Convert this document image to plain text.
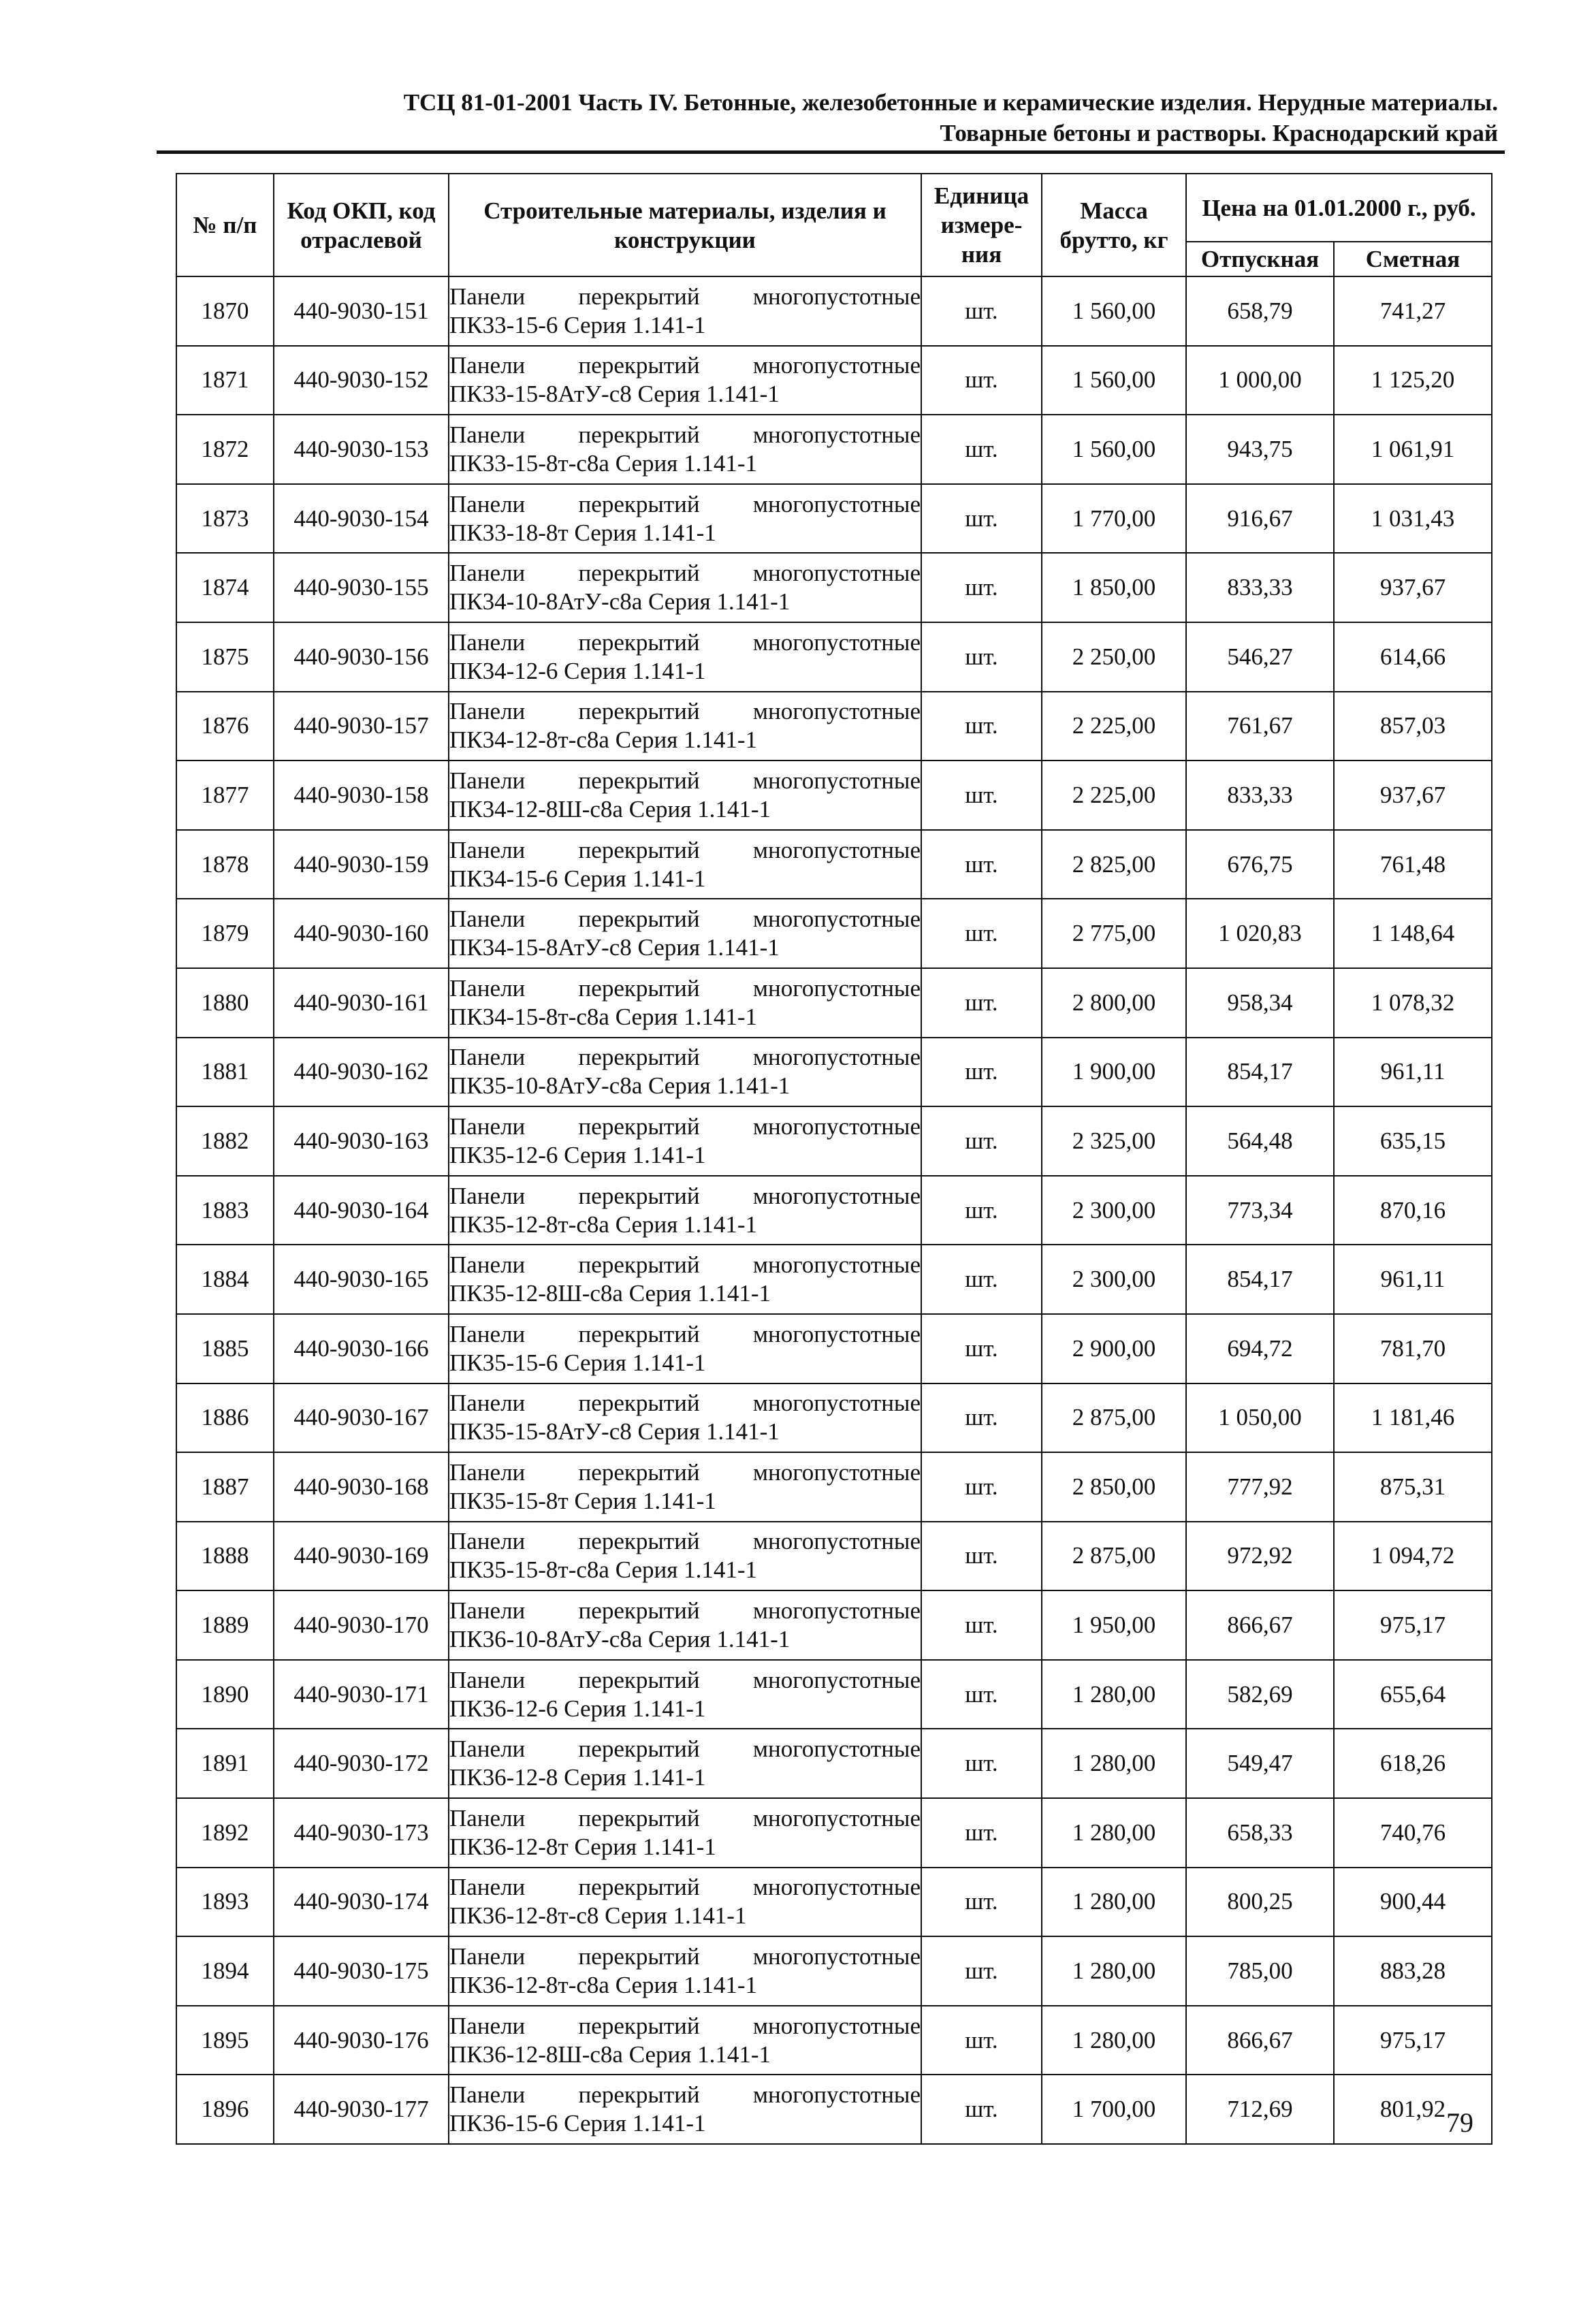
ТСЦ 81-01-2001 Часть IV. Бетонные, железобетонные и керамические изделия. Нерудные материалы.
Товарные бетоны и растворы. Краснодарский край
№ п/п	Код ОКП, код отраслевой	Строительные материалы, изделия и конструкции	Единица измере-ния	Масса брутто, кг	Цена на 01.01.2000 г., руб.	
					Отпускная	Сметная
1870	440-9030-151	Панели перекрытий многопустотные
ПК33-15-6 Серия 1.141-1	шт.	1 560,00	658,79	741,27
1871	440-9030-152	Панели перекрытий многопустотные
ПК33-15-8АтУ-с8 Серия 1.141-1	шт.	1 560,00	1 000,00	1 125,20
1872	440-9030-153	Панели перекрытий многопустотные
ПК33-15-8т-с8а Серия 1.141-1	шт.	1 560,00	943,75	1 061,91
1873	440-9030-154	Панели перекрытий многопустотные
ПК33-18-8т Серия 1.141-1	шт.	1 770,00	916,67	1 031,43
1874	440-9030-155	Панели перекрытий многопустотные
ПК34-10-8АтУ-с8а Серия 1.141-1	шт.	1 850,00	833,33	937,67
1875	440-9030-156	Панели перекрытий многопустотные
ПК34-12-6 Серия 1.141-1	шт.	2 250,00	546,27	614,66
1876	440-9030-157	Панели перекрытий многопустотные
ПК34-12-8т-с8а Серия 1.141-1	шт.	2 225,00	761,67	857,03
1877	440-9030-158	Панели перекрытий многопустотные
ПК34-12-8Ш-с8а Серия 1.141-1	шт.	2 225,00	833,33	937,67
1878	440-9030-159	Панели перекрытий многопустотные
ПК34-15-6 Серия 1.141-1	шт.	2 825,00	676,75	761,48
1879	440-9030-160	Панели перекрытий многопустотные
ПК34-15-8АтУ-с8 Серия 1.141-1	шт.	2 775,00	1 020,83	1 148,64
1880	440-9030-161	Панели перекрытий многопустотные
ПК34-15-8т-с8а Серия 1.141-1	шт.	2 800,00	958,34	1 078,32
1881	440-9030-162	Панели перекрытий многопустотные
ПК35-10-8АтУ-с8а Серия 1.141-1	шт.	1 900,00	854,17	961,11
1882	440-9030-163	Панели перекрытий многопустотные
ПК35-12-6 Серия 1.141-1	шт.	2 325,00	564,48	635,15
1883	440-9030-164	Панели перекрытий многопустотные
ПК35-12-8т-с8а Серия 1.141-1	шт.	2 300,00	773,34	870,16
1884	440-9030-165	Панели перекрытий многопустотные
ПК35-12-8Ш-с8а Серия 1.141-1	шт.	2 300,00	854,17	961,11
1885	440-9030-166	Панели перекрытий многопустотные
ПК35-15-6 Серия 1.141-1	шт.	2 900,00	694,72	781,70
1886	440-9030-167	Панели перекрытий многопустотные
ПК35-15-8АтУ-с8 Серия 1.141-1	шт.	2 875,00	1 050,00	1 181,46
1887	440-9030-168	Панели перекрытий многопустотные
ПК35-15-8т Серия 1.141-1	шт.	2 850,00	777,92	875,31
1888	440-9030-169	Панели перекрытий многопустотные
ПК35-15-8т-с8а Серия 1.141-1	шт.	2 875,00	972,92	1 094,72
1889	440-9030-170	Панели перекрытий многопустотные
ПК36-10-8АтУ-с8а Серия 1.141-1	шт.	1 950,00	866,67	975,17
1890	440-9030-171	Панели перекрытий многопустотные
ПК36-12-6 Серия 1.141-1	шт.	1 280,00	582,69	655,64
1891	440-9030-172	Панели перекрытий многопустотные
ПК36-12-8 Серия 1.141-1	шт.	1 280,00	549,47	618,26
1892	440-9030-173	Панели перекрытий многопустотные
ПК36-12-8т Серия 1.141-1	шт.	1 280,00	658,33	740,76
1893	440-9030-174	Панели перекрытий многопустотные
ПК36-12-8т-с8 Серия 1.141-1	шт.	1 280,00	800,25	900,44
1894	440-9030-175	Панели перекрытий многопустотные
ПК36-12-8т-с8а Серия 1.141-1	шт.	1 280,00	785,00	883,28
1895	440-9030-176	Панели перекрытий многопустотные
ПК36-12-8Ш-с8а Серия 1.141-1	шт.	1 280,00	866,67	975,17
1896	440-9030-177	Панели перекрытий многопустотные
ПК36-15-6 Серия 1.141-1	шт.	1 700,00	712,69	801,92 79
